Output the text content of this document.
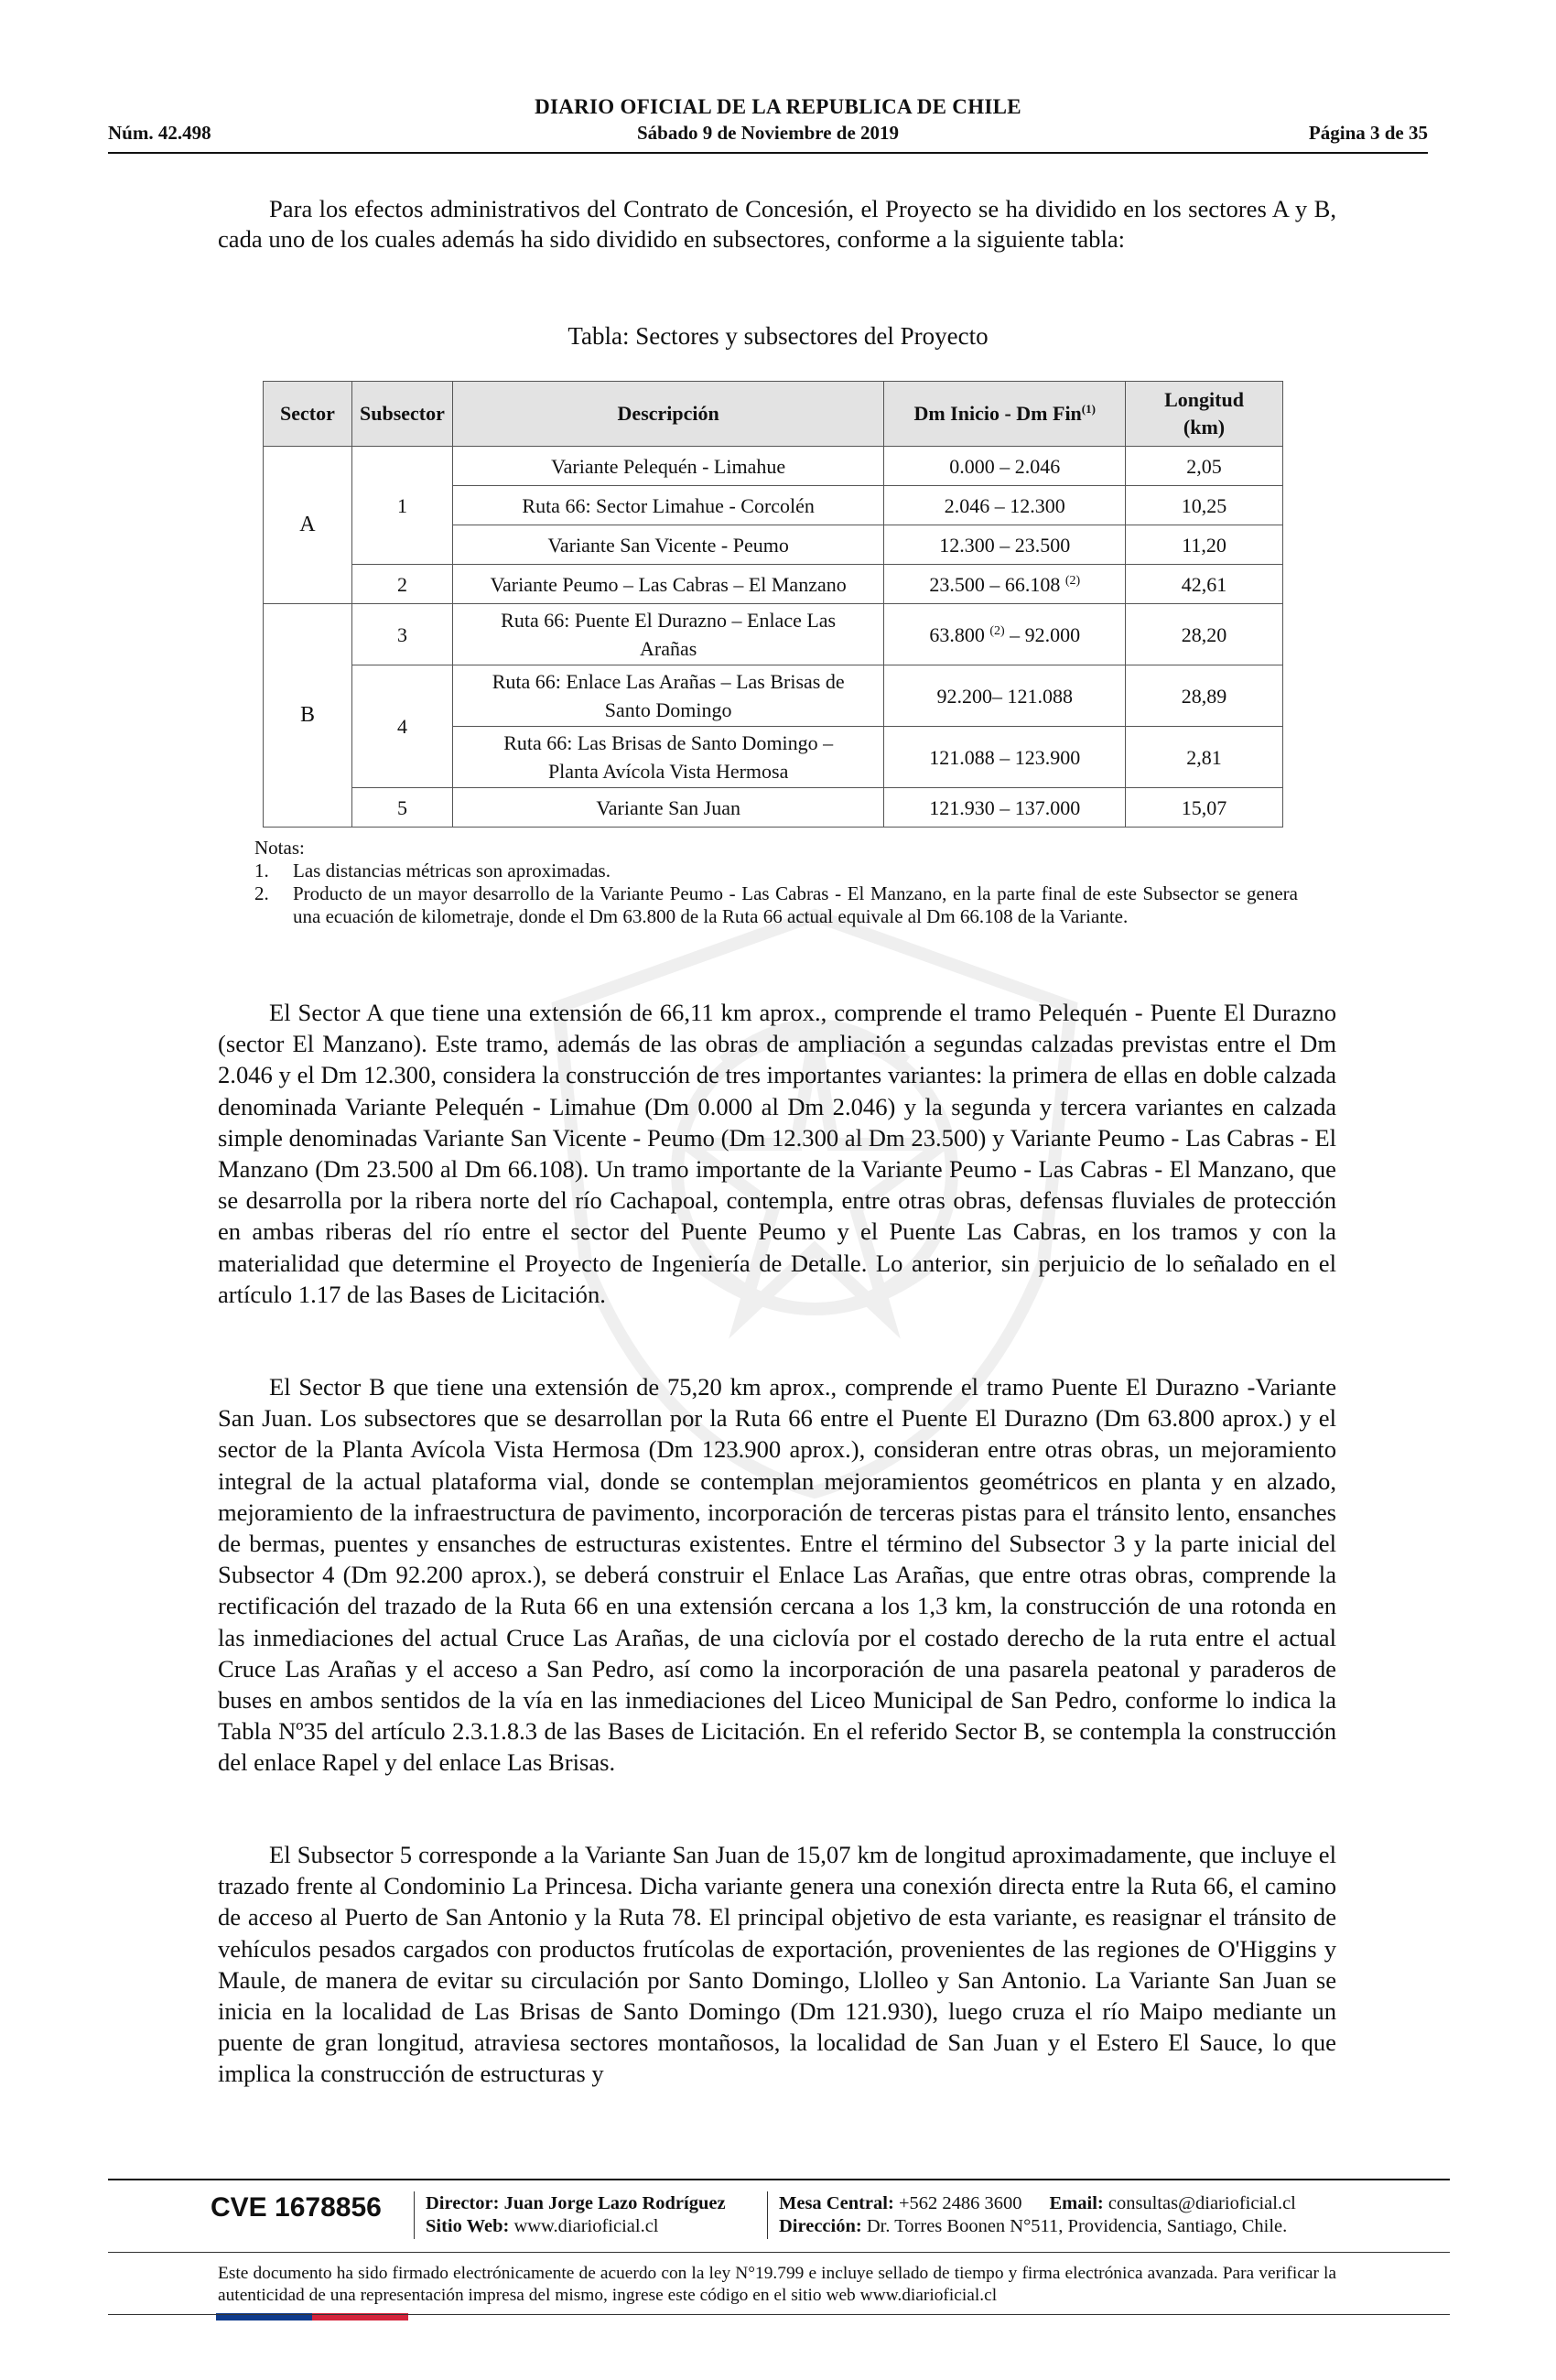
DIARIO OFICIAL DE LA REPUBLICA DE CHILE
Sábado 9 de Noviembre de 2019
Núm. 42.498	Página 3 de 35
Para los efectos administrativos del Contrato de Concesión, el Proyecto se ha dividido en los sectores A y B, cada uno de los cuales además ha sido dividido en subsectores, conforme a la siguiente tabla:
Tabla: Sectores y subsectores del Proyecto
Sector	Subsector	Descripción	Dm Inicio - Dm Fin$^{(1)}$	Longitud
(km)
A	1	Variante Pelequén - Limahue	0.000 – 2.046	2,05
		Ruta 66: Sector Limahue - Corcolén	2.046 – 12.300	10,25
		Variante San Vicente - Peumo	12.300 – 23.500	11,20
	2	Variante Peumo – Las Cabras – El Manzano	23.500 – 66.108 $^{(2)}$	42,61
B	3	Ruta 66: Puente El Durazno – Enlace Las
Arañas	63.800 $^{(2)}$ – 92.000	28,20
	4	Ruta 66: Enlace Las Arañas – Las Brisas de
Santo Domingo	92.200– 121.088	28,89
		Ruta 66: Las Brisas de Santo Domingo –
Planta Avícola Vista Hermosa	121.088 – 123.900	2,81
	5	Variante San Juan	121.930 – 137.000	15,07
Notas:
1. Las distancias métricas son aproximadas.
2. Producto de un mayor desarrollo de la Variante Peumo - Las Cabras - El Manzano, en la parte final de este Subsector se genera una ecuación de kilometraje, donde el Dm 63.800 de la Ruta 66 actual equivale al Dm 66.108 de la Variante.
El Sector A que tiene una extensión de 66,11 km aprox., comprende el tramo Pelequén - Puente El Durazno (sector El Manzano). Este tramo, además de las obras de ampliación a segundas calzadas previstas entre el Dm 2.046 y el Dm 12.300, considera la construcción de tres importantes variantes: la primera de ellas en doble calzada denominada Variante Pelequén - Limahue (Dm 0.000 al Dm 2.046) y la segunda y tercera variantes en calzada simple denominadas Variante San Vicente - Peumo (Dm 12.300 al Dm 23.500) y Variante Peumo - Las Cabras - El Manzano (Dm 23.500 al Dm 66.108). Un tramo importante de la Variante Peumo - Las Cabras - El Manzano, que se desarrolla por la ribera norte del río Cachapoal, contempla, entre otras obras, defensas fluviales de protección en ambas riberas del río entre el sector del Puente Peumo y el Puente Las Cabras, en los tramos y con la materialidad que determine el Proyecto de Ingeniería de Detalle. Lo anterior, sin perjuicio de lo señalado en el artículo 1.17 de las Bases de Licitación.
El Sector B que tiene una extensión de 75,20 km aprox., comprende el tramo Puente El Durazno -Variante San Juan. Los subsectores que se desarrollan por la Ruta 66 entre el Puente El Durazno (Dm 63.800 aprox.) y el sector de la Planta Avícola Vista Hermosa (Dm 123.900 aprox.), consideran entre otras obras, un mejoramiento integral de la actual plataforma vial, donde se contemplan mejoramientos geométricos en planta y en alzado, mejoramiento de la infraestructura de pavimento, incorporación de terceras pistas para el tránsito lento, ensanches de bermas, puentes y ensanches de estructuras existentes. Entre el término del Subsector 3 y la parte inicial del Subsector 4 (Dm 92.200 aprox.), se deberá construir el Enlace Las Arañas, que entre otras obras, comprende la rectificación del trazado de la Ruta 66 en una extensión cercana a los 1,3 km, la construcción de una rotonda en las inmediaciones del actual Cruce Las Arañas, de una ciclovía por el costado derecho de la ruta entre el actual Cruce Las Arañas y el acceso a San Pedro, así como la incorporación de una pasarela peatonal y paraderos de buses en ambos sentidos de la vía en las inmediaciones del Liceo Municipal de San Pedro, conforme lo indica la Tabla Nº35 del artículo 2.3.1.8.3 de las Bases de Licitación. En el referido Sector B, se contempla la construcción del enlace Rapel y del enlace Las Brisas.
El Subsector 5 corresponde a la Variante San Juan de 15,07 km de longitud aproximadamente, que incluye el trazado frente al Condominio La Princesa. Dicha variante genera una conexión directa entre la Ruta 66, el camino de acceso al Puerto de San Antonio y la Ruta 78. El principal objetivo de esta variante, es reasignar el tránsito de vehículos pesados cargados con productos frutícolas de exportación, provenientes de las regiones de O'Higgins y Maule, de manera de evitar su circulación por Santo Domingo, Llolleo y San Antonio. La Variante San Juan se inicia en la localidad de Las Brisas de Santo Domingo (Dm 121.930), luego cruza el río Maipo mediante un puente de gran longitud, atraviesa sectores montañosos, la localidad de San Juan y el Estero El Sauce, lo que implica la construcción de estructuras y
CVE 1678856 Director: Juan Jorge Lazo Rodríguez
Sitio Web: www.diarioficial.cl
Mesa Central: +562 2486 3600 Email: consultas@diarioficial.cl
Dirección: Dr. Torres Boonen N°511, Providencia, Santiago, Chile.
Este documento ha sido firmado electrónicamente de acuerdo con la ley N°19.799 e incluye sellado de tiempo y firma electrónica avanzada. Para verificar la autenticidad de una representación impresa del mismo, ingrese este código en el sitio web www.diarioficial.cl
